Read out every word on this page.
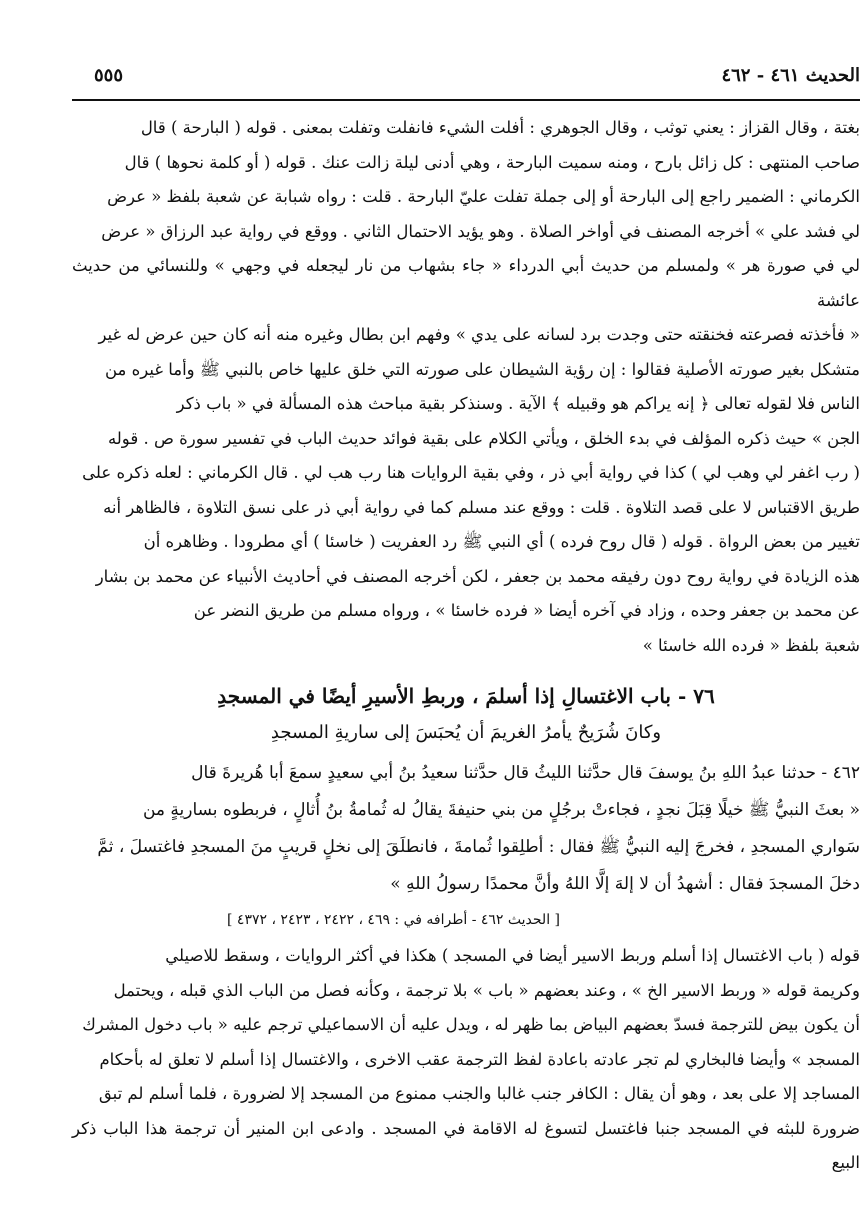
الحديث ٤٦١ - ٤٦٢
٥٥٥

بغتة ، وقال القزاز : يعني توثب ، وقال الجوهري : أفلت الشيء فانفلت وتفلت بمعنى . قوله ( البارحة ) قال

صاحب المنتهى : كل زائل بارح ، ومنه سميت البارحة ، وهي أدنى ليلة زالت عنك . قوله ( أو كلمة نحوها ) قال

الكرماني : الضمير راجع إلى البارحة أو إلى جملة تفلت عليّ البارحة . قلت : رواه شبابة عن شعبة بلفظ « عرض

لي فشد علي » أخرجه المصنف في أواخر الصلاة . وهو يؤيد الاحتمال الثاني . ووقع في رواية عبد الرزاق « عرض

لي في صورة هر » ولمسلم من حديث أبي الدرداء « جاء بشهاب من نار ليجعله في وجهي » وللنسائي من حديث عائشة

« فأخذته فصرعته فخنقته حتى وجدت برد لسانه على يدي » وفهم ابن بطال وغيره منه أنه كان حين عرض له غير

متشكل بغير صورته الأصلية فقالوا : إن رؤية الشيطان على صورته التي خلق عليها خاص بالنبي ﷺ وأما غيره من

الناس فلا لقوله تعالى ﴿ إنه يراكم هو وقبيله ﴾ الآية . وسنذكر بقية مباحث هذه المسألة في « باب ذكر

الجن » حيث ذكره المؤلف في بدء الخلق ، ويأتي الكلام على بقية فوائد حديث الباب في تفسير سورة ص . قوله

( رب اغفر لي وهب لي ) كذا في رواية أبي ذر ، وفي بقية الروايات هنا رب هب لي . قال الكرماني : لعله ذكره على

طريق الاقتباس لا على قصد التلاوة . قلت : ووقع عند مسلم كما في رواية أبي ذر على نسق التلاوة ، فالظاهر أنه

تغيير من بعض الرواة . قوله ( قال روح فرده ) أي النبي ﷺ رد العفريت ( خاسئا ) أي مطرودا . وظاهره أن

هذه الزيادة في رواية روح دون رفيقه محمد بن جعفر ، لكن أخرجه المصنف في أحاديث الأنبياء عن محمد بن بشار

عن محمد بن جعفر وحده ، وزاد في آخره أيضا « فرده خاسئا » ، ورواه مسلم من طريق النضر عن

شعبة بلفظ « فرده الله خاسئا »

٧٦ - باب الاغتسالِ إذا أسلمَ ، وربطِ الأسيرِ أيضًا في المسجدِ
وكانَ شُرَيحٌ يأمرُ الغريمَ أن يُحبَسَ إلى ساريةِ المسجدِ

٤٦٢ - حدثنا عبدُ اللهِ بنُ يوسفَ قال حدَّثنا الليثُ قال حدَّثنا سعيدُ بنُ أبي سعيدٍ سمعَ أبا هُريرةَ قال

« بعثَ النبيُّ ﷺ خيلًا قِبَلَ نجدٍ ، فجاءتْ برجُلٍ من بني حنيفةَ يقالُ له ثُمامةُ بنُ أُثالٍ ، فربطوه بساريةٍ من

سَواري المسجدِ ، فخرجَ إليه النبيُّ ﷺ فقال : أطلِقوا ثُمامةَ ، فانطلَقَ إلى نخلٍ قريبٍ منَ المسجدِ فاغتسلَ ، ثمَّ

دخلَ المسجدَ فقال : أشهدُ أن لا إلهَ إلَّا اللهُ وأنَّ محمدًا رسولُ اللهِ »

[ الحديث ٤٦٢ - أطرافه في : ٤٦٩ ، ٢٤٢٢ ، ٢٤٢٣ ، ٤٣٧٢ ]

قوله ( باب الاغتسال إذا أسلم وربط الاسير أيضا في المسجد ) هكذا في أكثر الروايات ، وسقط للاصيلي

وكريمة قوله « وربط الاسير الخ » ، وعند بعضهم « باب » بلا ترجمة ، وكأنه فصل من الباب الذي قبله ، ويحتمل

أن يكون بيض للترجمة فسدّ بعضهم البياض بما ظهر له ، ويدل عليه أن الاسماعيلي ترجم عليه « باب دخول المشرك

المسجد » وأيضا فالبخاري لم تجر عادته باعادة لفظ الترجمة عقب الاخرى ، والاغتسال إذا أسلم لا تعلق له بأحكام

المساجد إلا على بعد ، وهو أن يقال : الكافر جنب غالبا والجنب ممنوع من المسجد إلا لضرورة ، فلما أسلم لم تبق

ضرورة للبثه في المسجد جنبا فاغتسل لتسوغ له الاقامة في المسجد . وادعى ابن المنير أن ترجمة هذا الباب ذكر البيع
